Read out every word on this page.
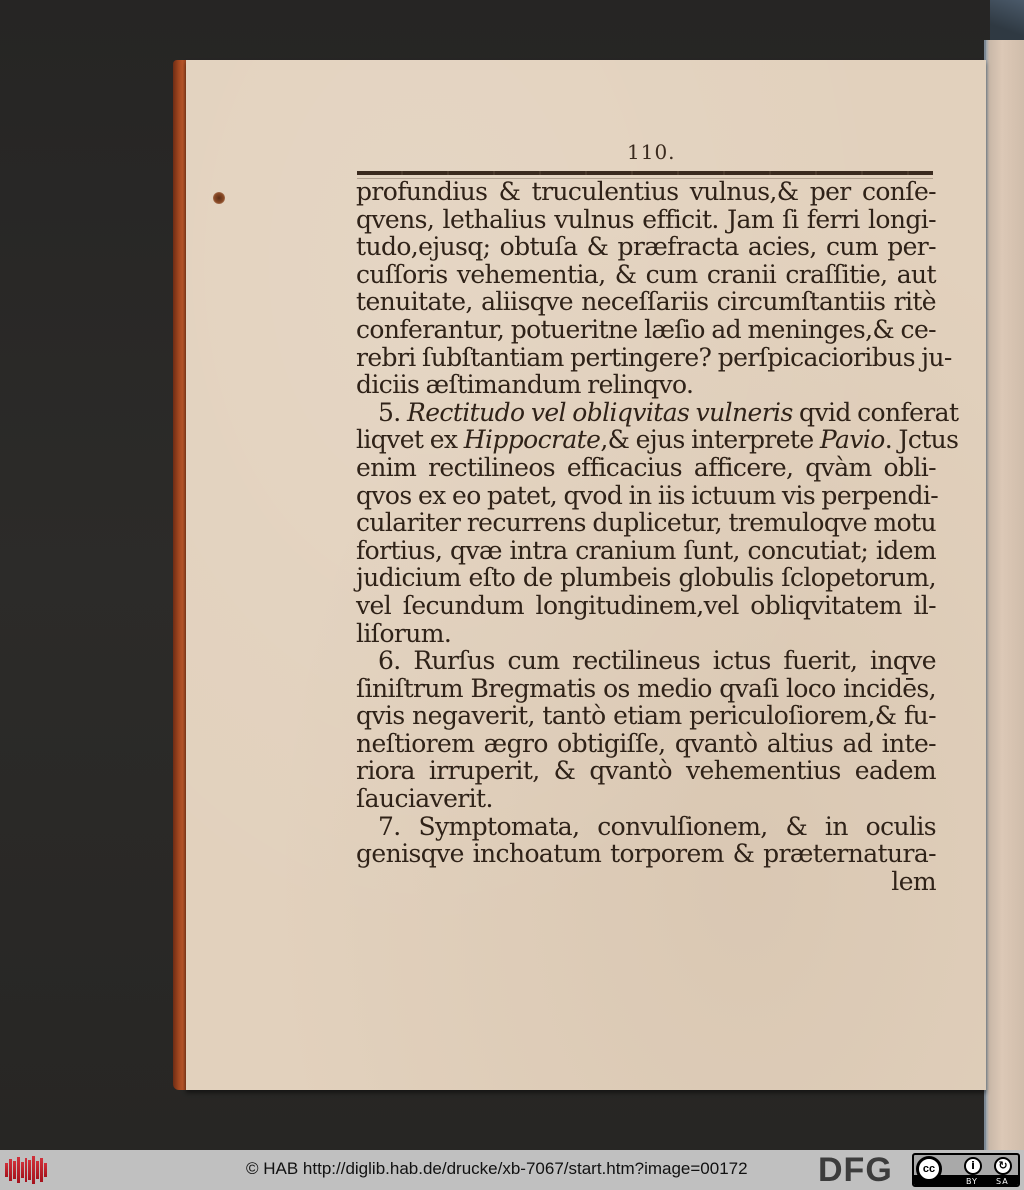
110.
profundius & truculentius vulnus,& per conſe-
qvens, lethalius vulnus efficit. Jam ſi ferri longi-
tudo,ejusq; obtuſa & præfracta acies, cum per-
cuſſoris vehementia, & cum cranii craſſitie, aut
tenuitate, aliisqve neceſſariis circumſtantiis ritè
conferantur, potueritne læſio ad meninges,& ce-
rebri ſubſtantiam pertingere? perſpicacioribus ju-
diciis æſtimandum relinqvo.
5. Rectitudo vel obliqvitas vulneris qvid conferat
liqvet ex Hippocrate,& ejus interprete Pavio. Jctus
enim rectilineos efficacius afficere, qvàm obli-
qvos ex eo patet, qvod in iis ictuum vis perpendi-
culariter recurrens duplicetur, tremuloqve motu
fortius, qvæ intra cranium ſunt, concutiat; idem
judicium eſto de plumbeis globulis ſclopetorum,
vel ſecundum longitudinem,vel obliqvitatem il-
liſorum.
6. Rurſus cum rectilineus ictus fuerit, inqve
ſiniſtrum Bregmatis os medio qvaſi loco incidēs,
qvis negaverit, tantò etiam periculoſiorem,& fu-
neſtiorem ægro obtigiſſe, qvantò altius ad inte-
riora irruperit, & qvantò vehementius eadem
ſauciaverit.
7. Symptomata, convulſionem, & in oculis
genisqve inchoatum torporem & præternatura-
lem
© HAB http://diglib.hab.de/drucke/xb-7067/start.htm?image=00172 DFG	cc	i	↻
BY SA
